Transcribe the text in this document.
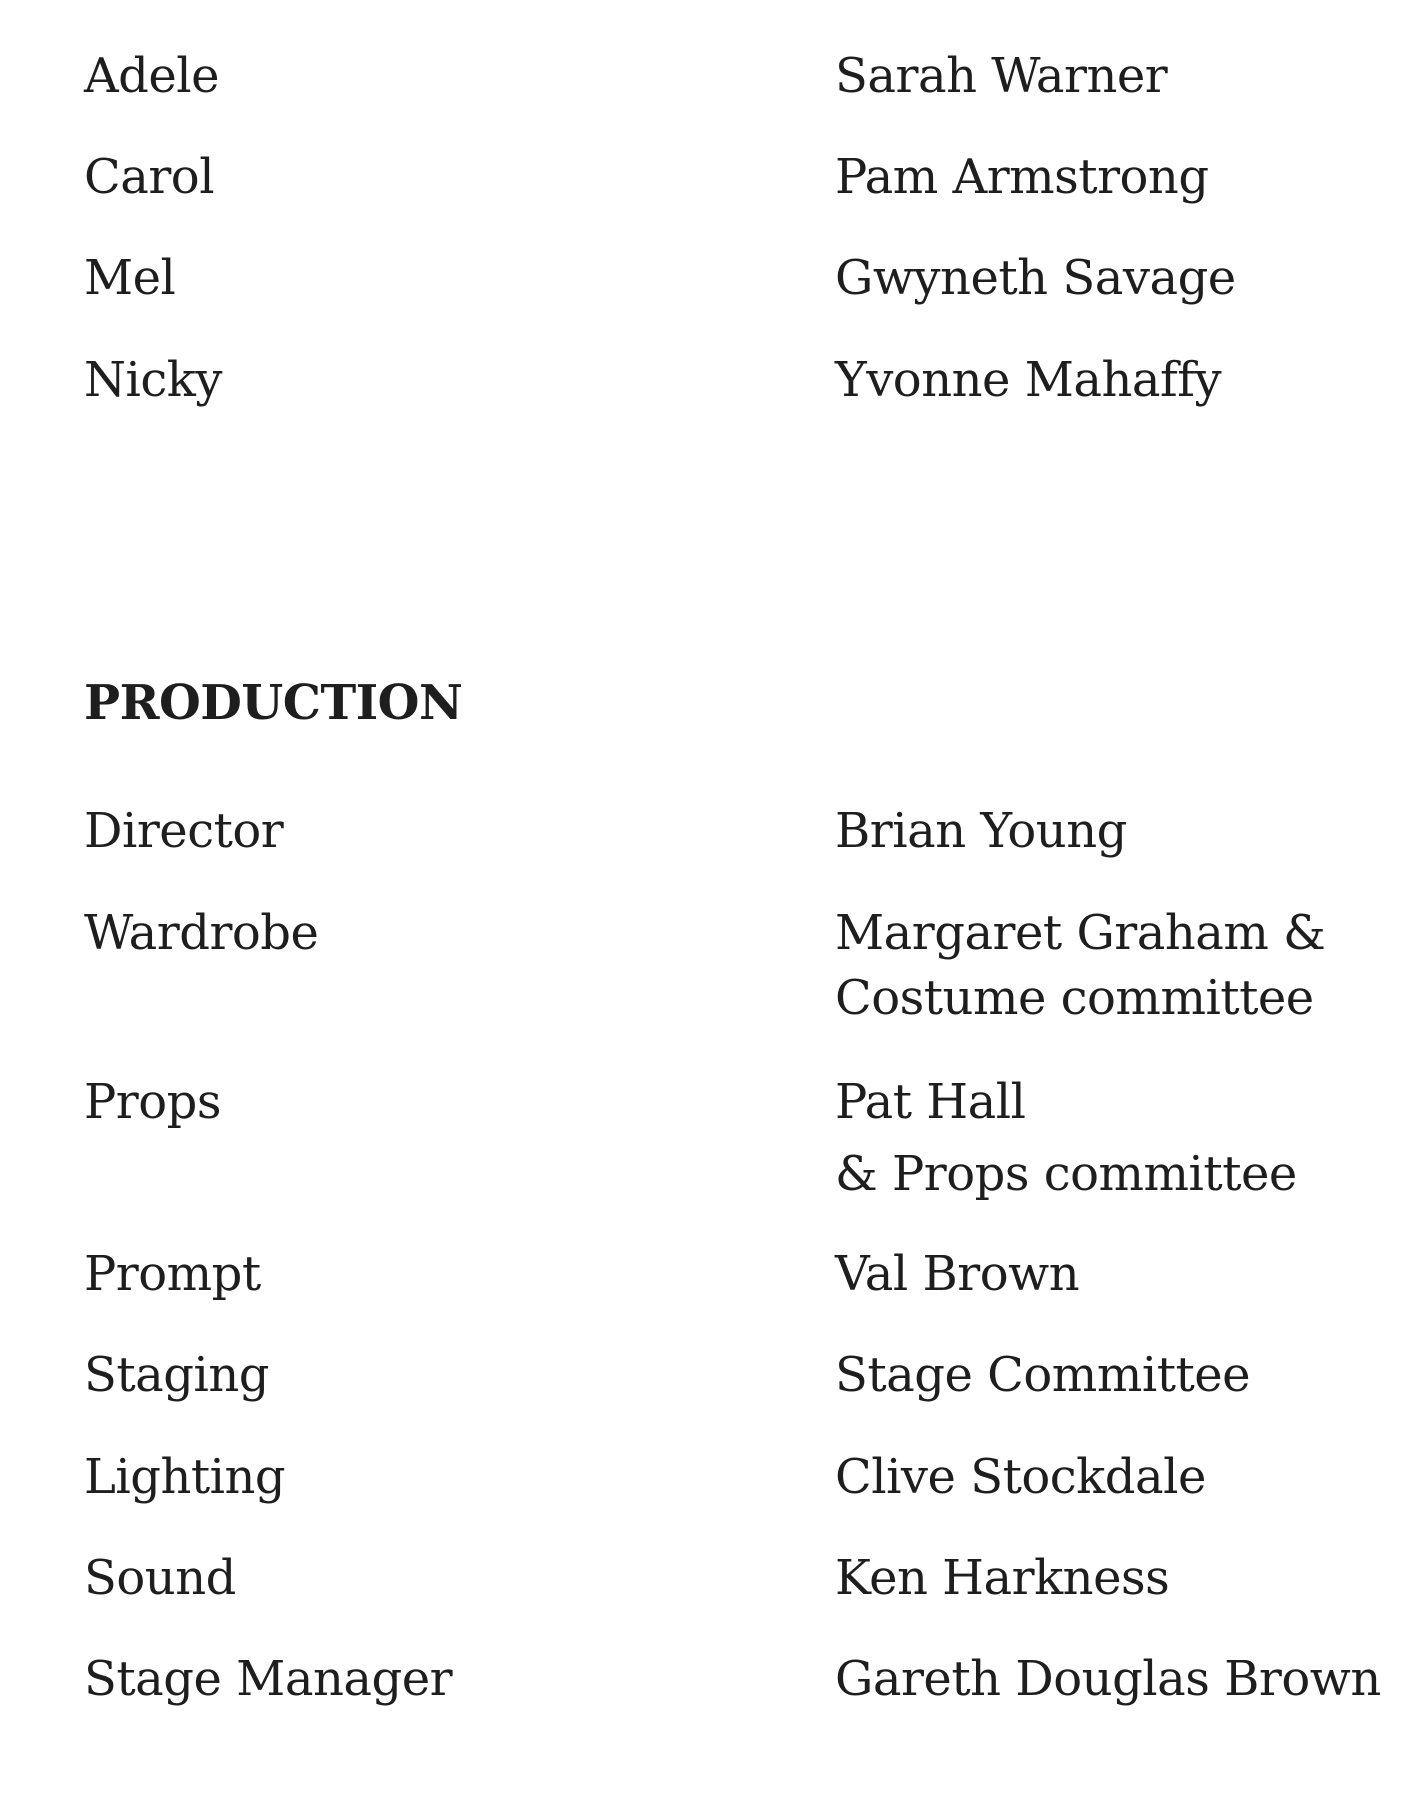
Adele	Sarah Warner

Carol	Pam Armstrong

Mel	Gwyneth Savage

Nicky	Yvonne Mahaffy

PRODUCTION

Director	Brian Young

Wardrobe	Margaret Graham &

Costume committee

Props	Pat Hall

& Props committee

Prompt	Val Brown

Staging	Stage Committee

Lighting	Clive Stockdale

Sound	Ken Harkness

Stage Manager	Gareth Douglas Brown
